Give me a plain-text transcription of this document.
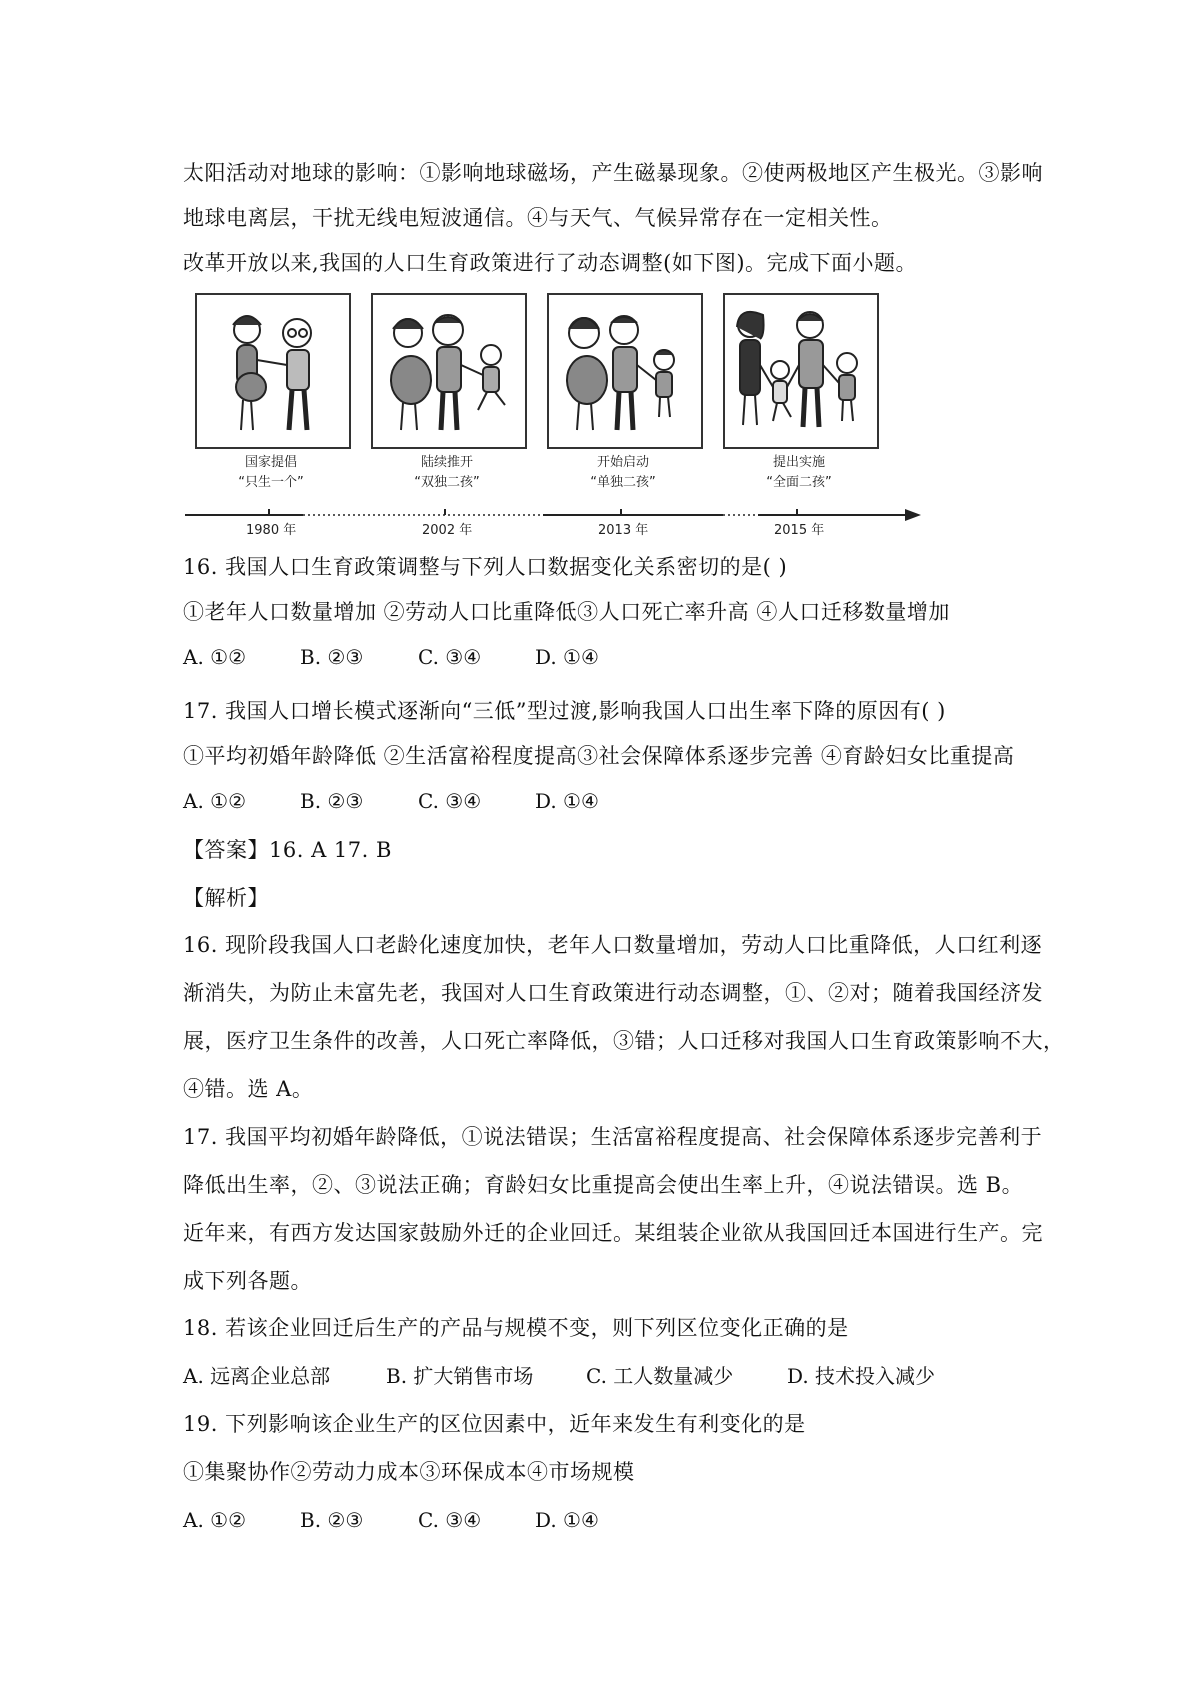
太阳活动对地球的影响：①影响地球磁场，产生磁暴现象。②使两极地区产生极光。③影响
地球电离层，干扰无线电短波通信。④与天气、气候异常存在一定相关性。
改革开放以来,我国的人口生育政策进行了动态调整(如下图)。完成下面小题。
国家提倡
“只生一个”
陆续推开
“双独二孩”
开始启动
“单独二孩”
提出实施
“全面二孩”
1980 年	2002 年	2013 年	2015 年
16. 我国人口生育政策调整与下列人口数据变化关系密切的是( )
①老年人口数量增加 ②劳动人口比重降低③人口死亡率升高 ④人口迁移数量增加
A. ①②	B. ②③	C. ③④	D. ①④
17. 我国人口增长模式逐渐向“三低”型过渡,影响我国人口出生率下降的原因有( )
①平均初婚年龄降低 ②生活富裕程度提高③社会保障体系逐步完善 ④育龄妇女比重提高
A. ①②	B. ②③	C. ③④	D. ①④
【答案】16. A 17. B
【解析】
16. 现阶段我国人口老龄化速度加快，老年人口数量增加，劳动人口比重降低，人口红利逐
渐消失，为防止未富先老，我国对人口生育政策进行动态调整，①、②对；随着我国经济发
展，医疗卫生条件的改善，人口死亡率降低，③错；人口迁移对我国人口生育政策影响不大，
④错。选 A。
17. 我国平均初婚年龄降低，①说法错误；生活富裕程度提高、社会保障体系逐步完善利于
降低出生率，②、③说法正确；育龄妇女比重提高会使出生率上升，④说法错误。选 B。
近年来，有西方发达国家鼓励外迁的企业回迁。某组装企业欲从我国回迁本国进行生产。完
成下列各题。
18. 若该企业回迁后生产的产品与规模不变，则下列区位变化正确的是
A. 远离企业总部	B. 扩大销售市场	C. 工人数量减少	D. 技术投入减少
19. 下列影响该企业生产的区位因素中，近年来发生有利变化的是
①集聚协作②劳动力成本③环保成本④市场规模
A. ①②	B. ②③	C. ③④	D. ①④
